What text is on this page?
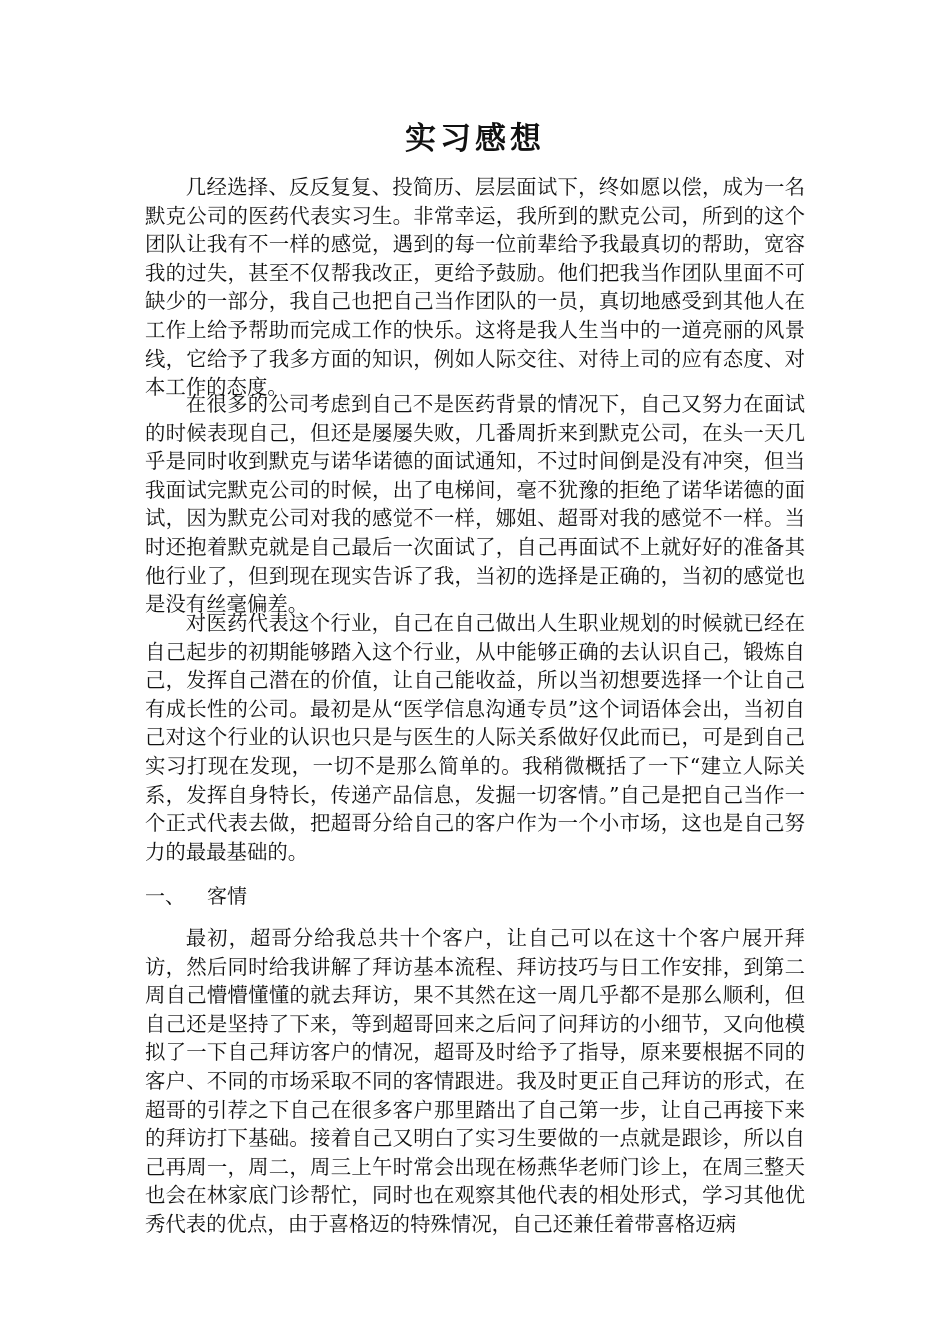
实习感想

几经选择、反反复复、投简历、层层面试下，终如愿以偿，成为一名默克公司的医药代表实习生。非常幸运，我所到的默克公司，所到的这个团队让我有不一样的感觉，遇到的每一位前辈给予我最真切的帮助，宽容我的过失，甚至不仅帮我改正，更给予鼓励。他们把我当作团队里面不可缺少的一部分，我自己也把自己当作团队的一员，真切地感受到其他人在工作上给予帮助而完成工作的快乐。这将是我人生当中的一道亮丽的风景线，它给予了我多方面的知识，例如人际交往、对待上司的应有态度、对本工作的态度。

在很多的公司考虑到自己不是医药背景的情况下，自己又努力在面试的时候表现自己，但还是屡屡失败，几番周折来到默克公司，在头一天几乎是同时收到默克与诺华诺德的面试通知，不过时间倒是没有冲突，但当我面试完默克公司的时候，出了电梯间，毫不犹豫的拒绝了诺华诺德的面试，因为默克公司对我的感觉不一样，娜姐、超哥对我的感觉不一样。当时还抱着默克就是自己最后一次面试了，自己再面试不上就好好的准备其他行业了，但到现在现实告诉了我，当初的选择是正确的，当初的感觉也是没有丝毫偏差。

对医药代表这个行业，自己在自己做出人生职业规划的时候就已经在自己起步的初期能够踏入这个行业，从中能够正确的去认识自己，锻炼自己，发挥自己潜在的价值，让自己能收益，所以当初想要选择一个让自己有成长性的公司。最初是从“医学信息沟通专员”这个词语体会出，当初自己对这个行业的认识也只是与医生的人际关系做好仅此而已，可是到自己实习打现在发现，一切不是那么简单的。我稍微概括了一下“建立人际关系，发挥自身特长，传递产品信息，发掘一切客情。”自己是把自己当作一个正式代表去做，把超哥分给自己的客户作为一个小市场，这也是自己努力的最最基础的。

一、 客情

最初，超哥分给我总共十个客户，让自己可以在这十个客户展开拜访，然后同时给我讲解了拜访基本流程、拜访技巧与日工作安排，到第二周自己懵懵懂懂的就去拜访，果不其然在这一周几乎都不是那么顺利，但自己还是坚持了下来，等到超哥回来之后问了问拜访的小细节，又向他模拟了一下自己拜访客户的情况，超哥及时给予了指导，原来要根据不同的客户、不同的市场采取不同的客情跟进。我及时更正自己拜访的形式，在超哥的引荐之下自己在很多客户那里踏出了自己第一步，让自己再接下来的拜访打下基础。接着自己又明白了实习生要做的一点就是跟诊，所以自己再周一，周二，周三上午时常会出现在杨燕华老师门诊上，在周三整天也会在林家底门诊帮忙，同时也在观察其他代表的相处形式，学习其他优秀代表的优点，由于喜格迈的特殊情况，自己还兼任着带喜格迈病
